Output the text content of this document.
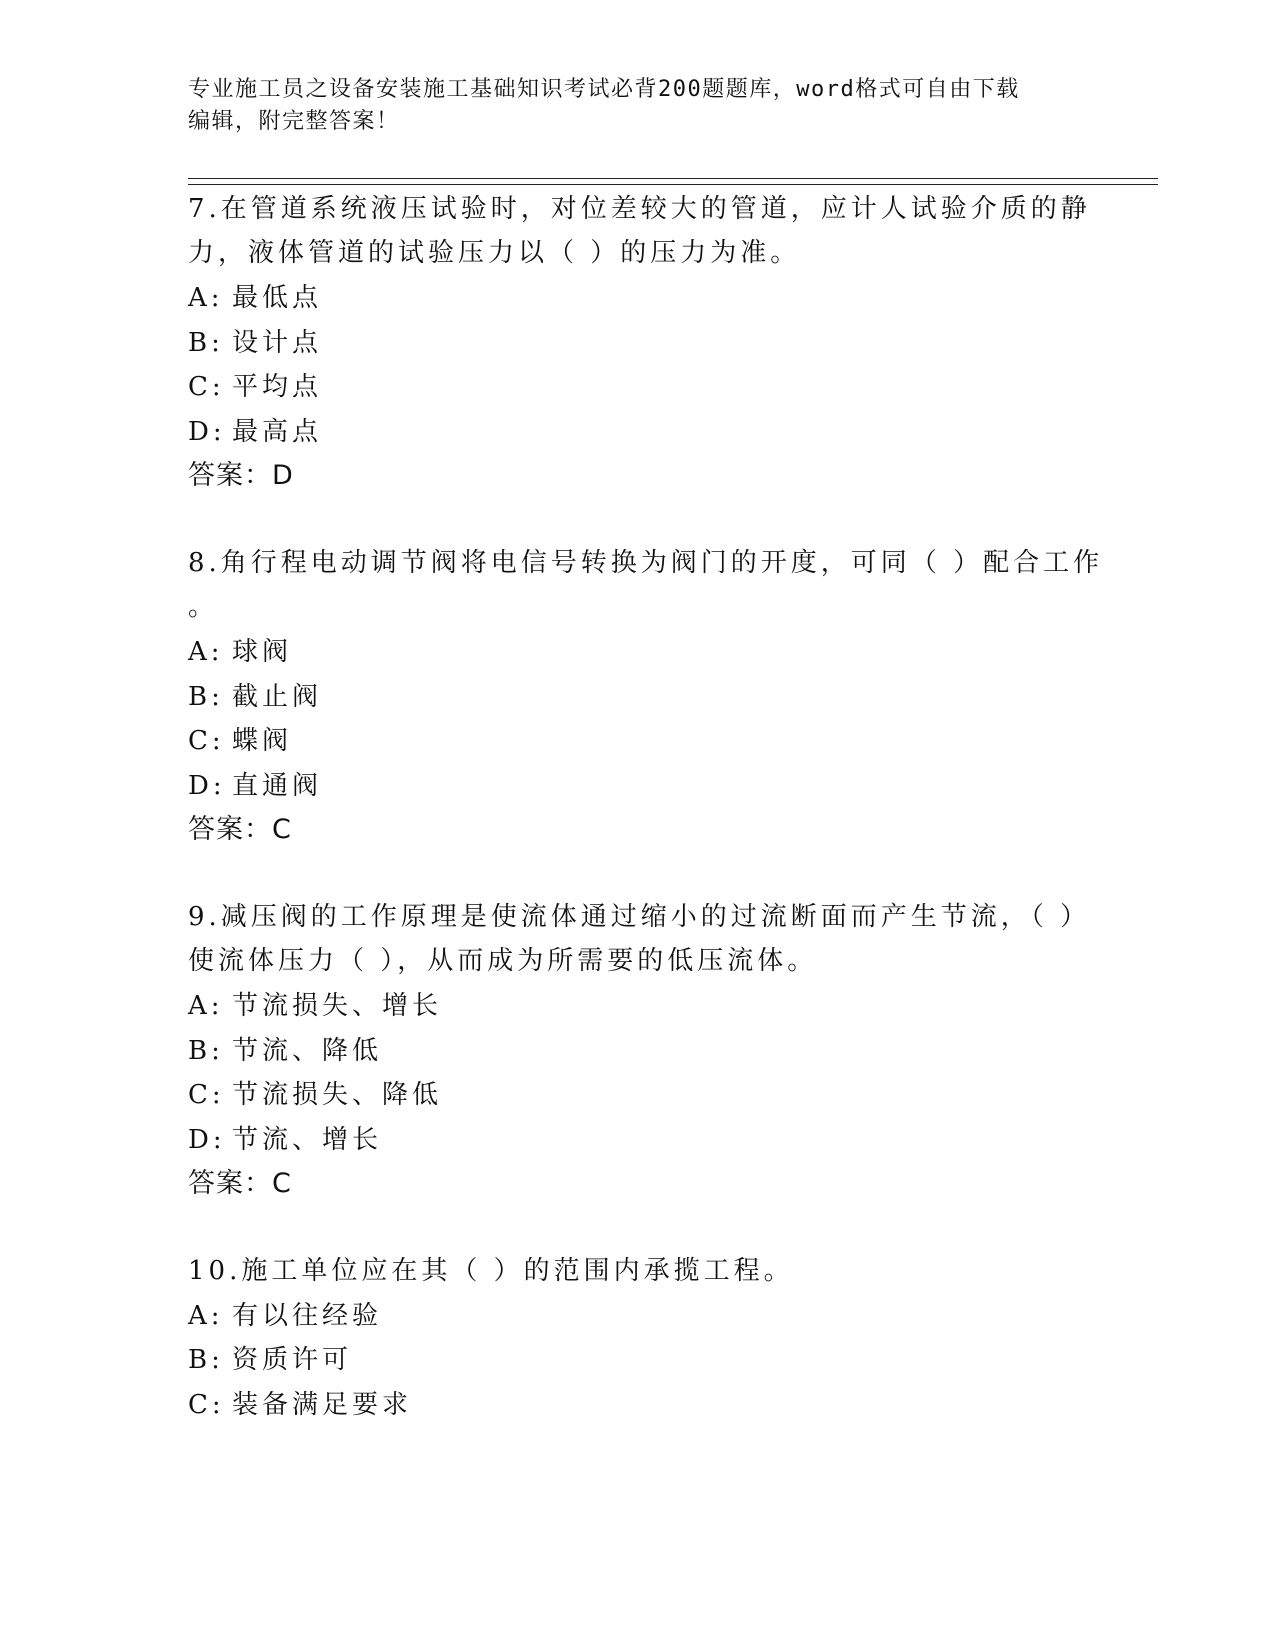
专业施工员之设备安装施工基础知识考试必背200题题库，word格式可自由下载
编辑，附完整答案！
7.在管道系统液压试验时，对位差较大的管道，应计人试验介质的静
力，液体管道的试验压力以（ ）的压力为准。
A: 最低点
B: 设计点
C: 平均点
D: 最高点
答案：D
8.角行程电动调节阀将电信号转换为阀门的开度，可同（ ）配合工作
。
A: 球阀
B: 截止阀
C: 蝶阀
D: 直通阀
答案：C
9.减压阀的工作原理是使流体通过缩小的过流断面而产生节流，（ ）
使流体压力（ ），从而成为所需要的低压流体。
A: 节流损失、增长
B: 节流、降低
C: 节流损失、降低
D: 节流、增长
答案：C
10.施工单位应在其（ ）的范围内承揽工程。
A: 有以往经验
B: 资质许可
C: 装备满足要求
